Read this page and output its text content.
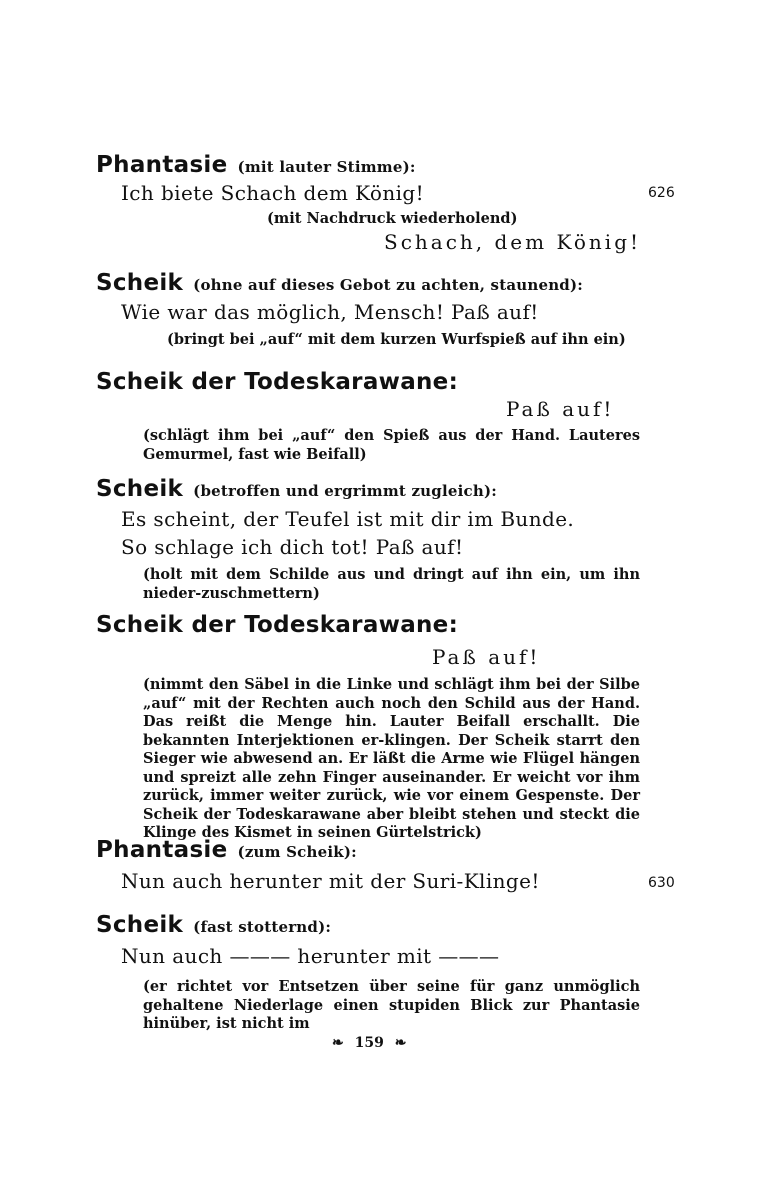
Phantasie (mit lauter Stimme):
Ich biete Schach dem König!	626
(mit Nachdruck wiederholend)
Schach, dem König!
Scheik (ohne auf dieses Gebot zu achten, staunend):
Wie war das möglich, Mensch! Paß auf!
(bringt bei „auf“ mit dem kurzen Wurfspieß auf ihn ein)
Scheik der Todeskarawane:
Paß auf!
(schlägt ihm bei „auf“ den Spieß aus der Hand. Lauteres Gemurmel, fast wie Beifall)
Scheik (betroffen und ergrimmt zugleich):
Es scheint, der Teufel ist mit dir im Bunde.
So schlage ich dich tot! Paß auf!
(holt mit dem Schilde aus und dringt auf ihn ein, um ihn nieder-zuschmettern)
Scheik der Todeskarawane:
Paß auf!
(nimmt den Säbel in die Linke und schlägt ihm bei der Silbe „auf“ mit der Rechten auch noch den Schild aus der Hand. Das reißt die Menge hin. Lauter Beifall erschallt. Die bekannten Interjektionen er-klingen. Der Scheik starrt den Sieger wie abwesend an. Er läßt die Arme wie Flügel hängen und spreizt alle zehn Finger auseinander. Er weicht vor ihm zurück, immer weiter zurück, wie vor einem Gespenste. Der Scheik der Todeskarawane aber bleibt stehen und steckt die Klinge des Kismet in seinen Gürtelstrick)
Phantasie (zum Scheik):
Nun auch herunter mit der Suri-Klinge!	630
Scheik (fast stotternd):
Nun auch ——— herunter mit ———
(er richtet vor Entsetzen über seine für ganz unmöglich gehaltene Niederlage einen stupiden Blick zur Phantasie hinüber, ist nicht im
❧ 159 ❧
